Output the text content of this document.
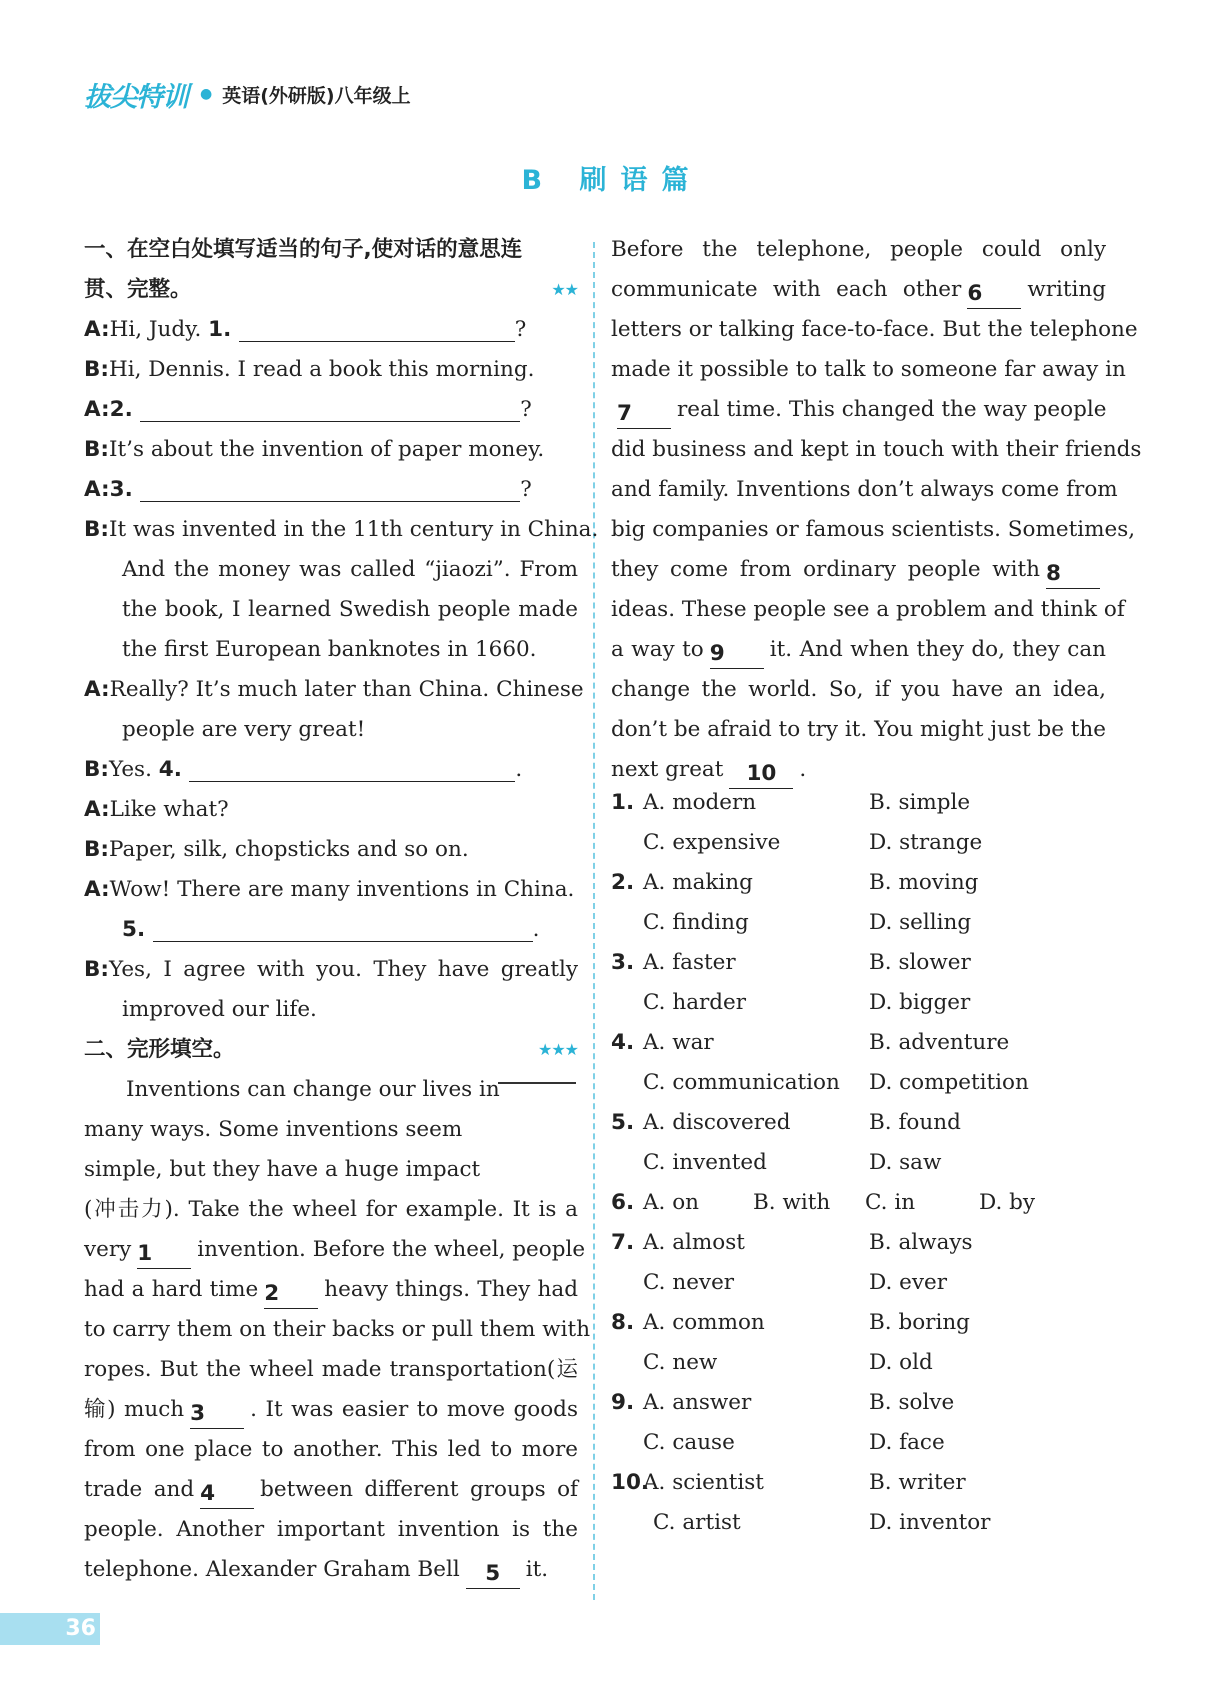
拔尖特训 ● 英语(外研版)八年级上
B 刷语篇
一、在空白处填写适当的句子,使对话的意思连
贯、完整。	★★
A:Hi, Judy. 1.	?
B:Hi, Dennis. I read a book this morning.
A:2.	?
B:It’s about the invention of paper money.
A:3.	?
B:It was invented in the 11th century in China.
And the money was called “jiaozi”. From
the book, I learned Swedish people made
the first European banknotes in 1660.
A:Really? It’s much later than China. Chinese
people are very great!
B:Yes. 4.	.
A:Like what?
B:Paper, silk, chopsticks and so on.
A:Wow! There are many inventions in China.
5.	.
B:Yes, I agree with you. They have greatly
improved our life.
二、完形填空。	★★★
Inventions can change our lives in
many ways. Some inventions seem
simple, but they have a huge impact
(冲击力). Take the wheel for example. It is a
very 1 invention. Before the wheel, people
had a hard time 2 heavy things. They had
to carry them on their backs or pull them with
ropes. But the wheel made transportation(运
输) much 3 . It was easier to move goods
from one place to another. This led to more
trade and 4 between different groups of
people. Another important invention is the
telephone. Alexander Graham Bell 5 it.
Before the telephone, people could only
communicate with each other 6 writing
letters or talking face-to-face. But the telephone
made it possible to talk to someone far away in
7 real time. This changed the way people
did business and kept in touch with their friends
and family. Inventions don’t always come from
big companies or famous scientists. Sometimes,
they come from ordinary people with 8
ideas. These people see a problem and think of
a way to 9 it. And when they do, they can
change the world. So, if you have an idea,
don’t be afraid to try it. You might just be the
next great 10 .
1. A. modern	B. simple
C. expensive	D. strange
2. A. making	B. moving
C. finding	D. selling
3. A. faster	B. slower
C. harder	D. bigger
4. A. war	B. adventure
C. communication D. competition
5. A. discovered	B. found
C. invented	D. saw
6. A. on	B. with C. in	D. by
7. A. almost	B. always
C. never	D. ever
8. A. common	B. boring
C. new	D. old
9. A. answer	B. solve
C. cause	D. face
10.
A. scientist	B. writer
C. artist	D. inventor
36
